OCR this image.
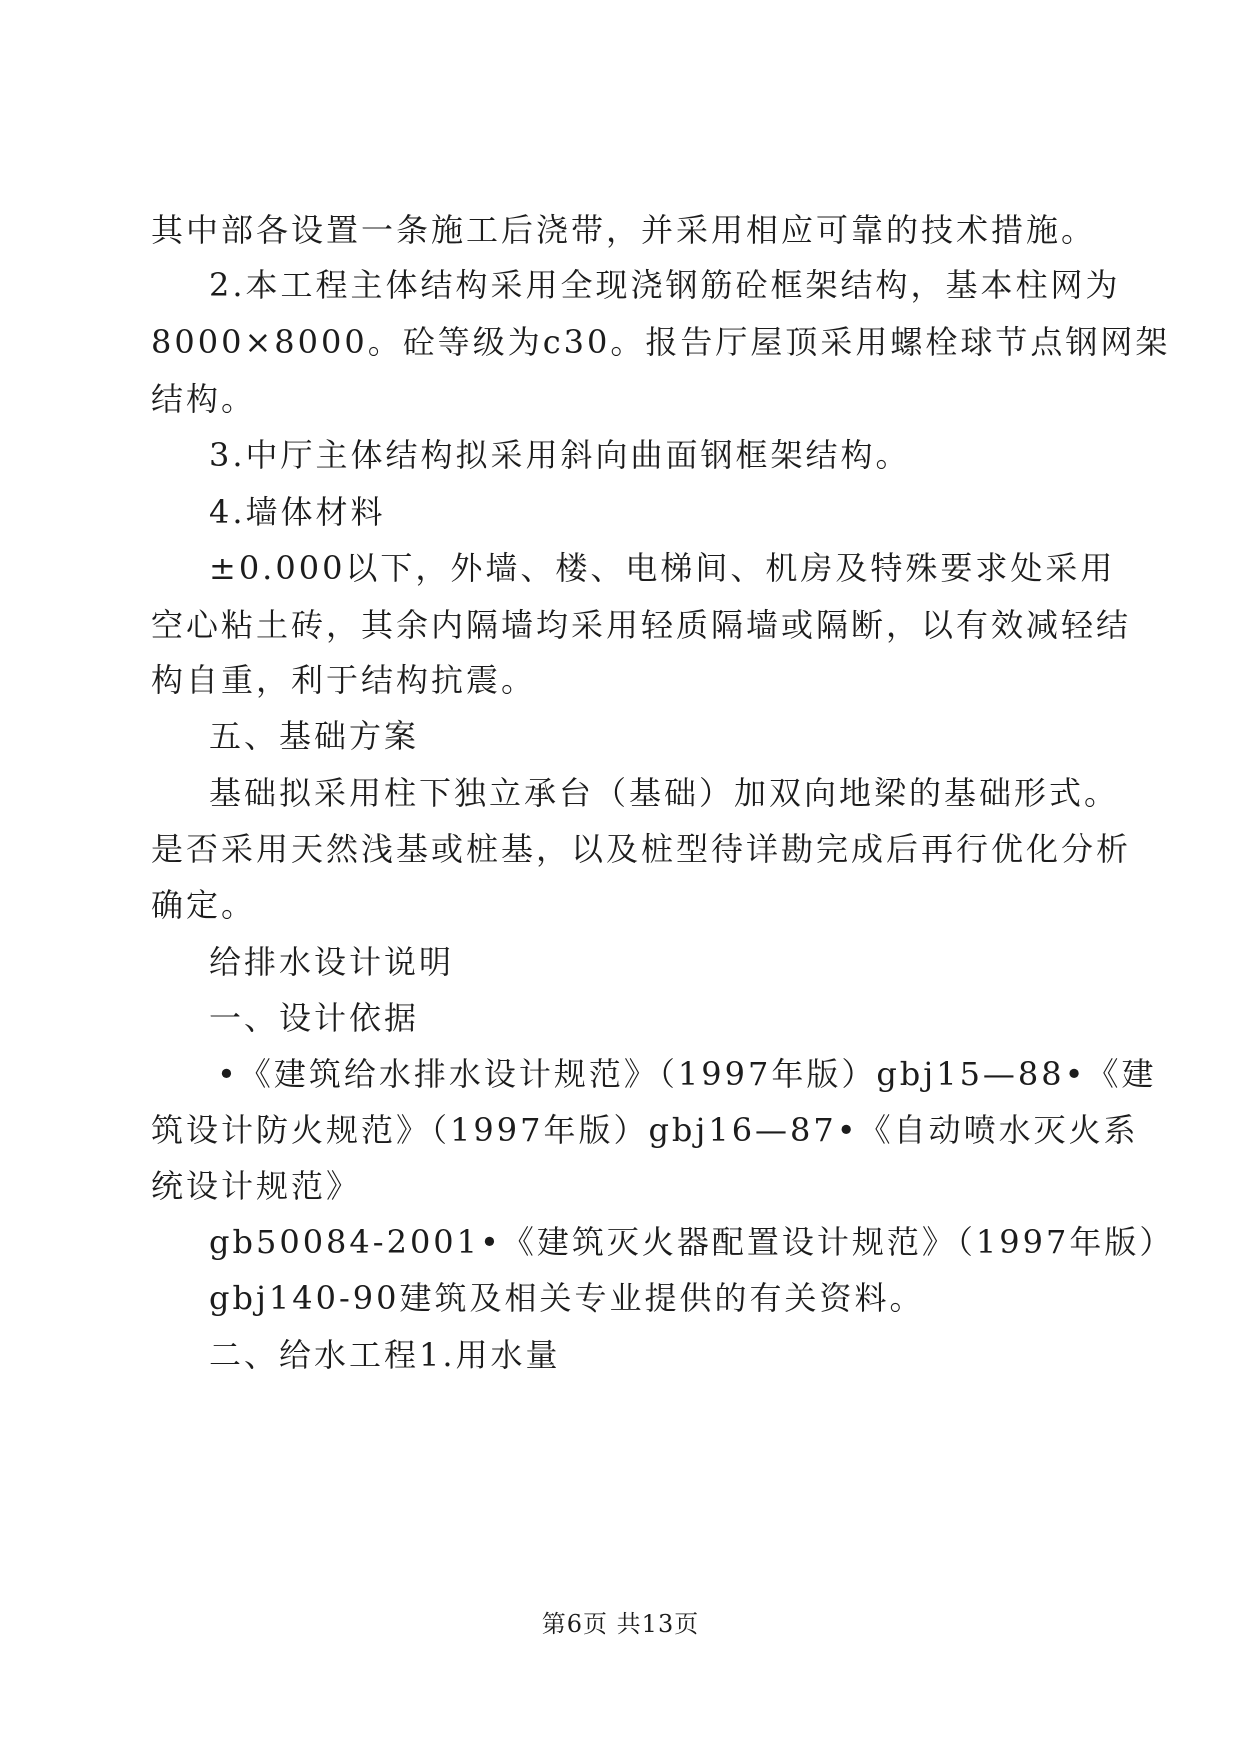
其中部各设置一条施工后浇带，并采用相应可靠的技术措施。

2.本工程主体结构采用全现浇钢筋砼框架结构，基本柱网为

8000×8000。砼等级为c30。报告厅屋顶采用螺栓球节点钢网架

结构。

3.中厅主体结构拟采用斜向曲面钢框架结构。

4.墙体材料

±0.000以下，外墙、楼、电梯间、机房及特殊要求处采用

空心粘土砖，其余内隔墙均采用轻质隔墙或隔断，以有效减轻结

构自重，利于结构抗震。

五、基础方案

基础拟采用柱下独立承台（基础）加双向地梁的基础形式。

是否采用天然浅基或桩基，以及桩型待详勘完成后再行优化分析

确定。

给排水设计说明

一、设计依据

•《建筑给水排水设计规范》（1997年版）gbj15—88•《建

筑设计防火规范》（1997年版）gbj16—87•《自动喷水灭火系

统设计规范》

gb50084-2001•《建筑灭火器配置设计规范》（1997年版）

gbj140-90建筑及相关专业提供的有关资料。

二、给水工程1.用水量

第6页 共13页
